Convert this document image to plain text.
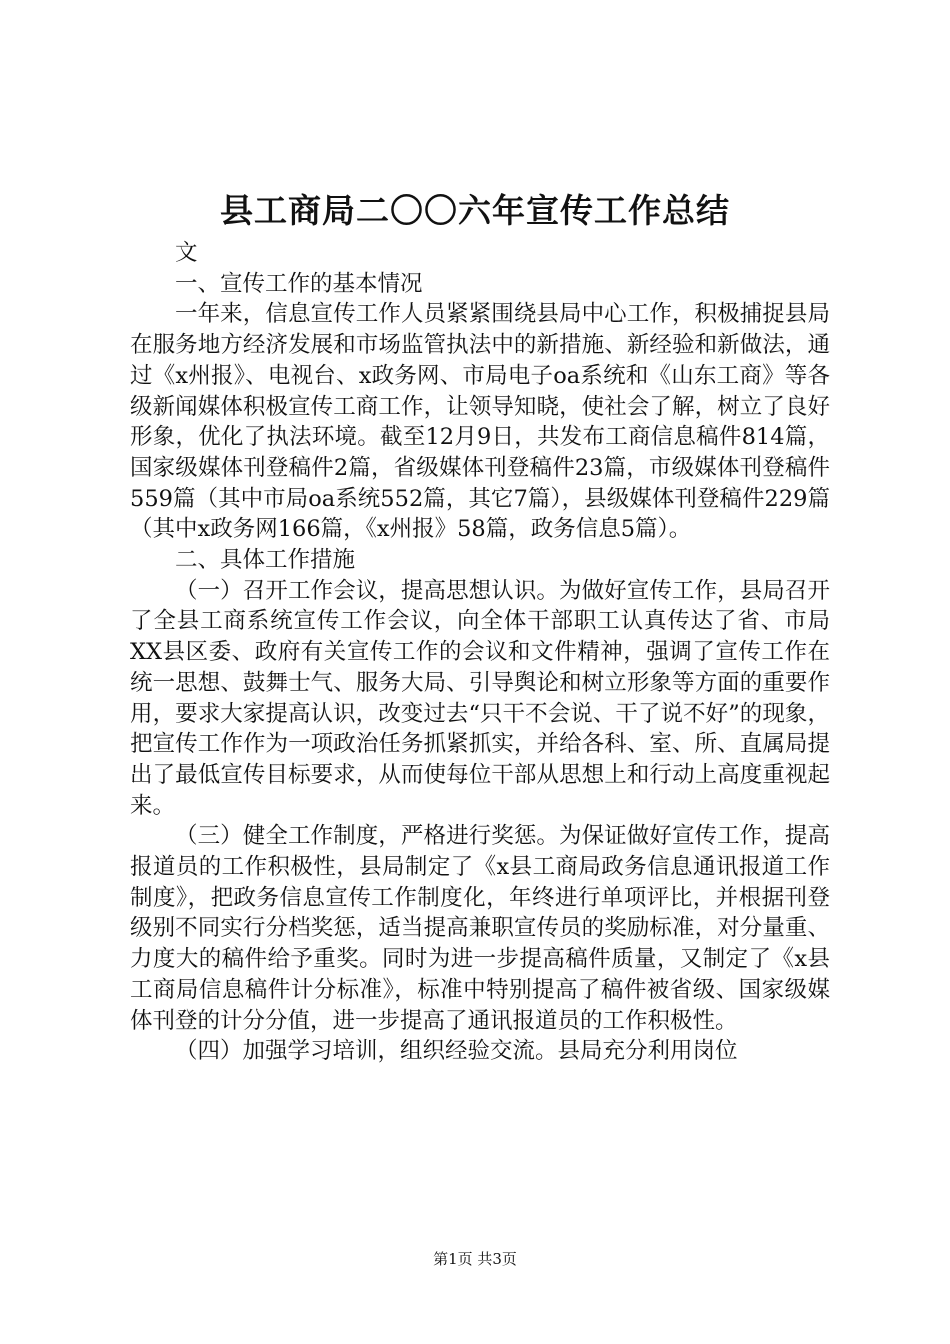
县工商局二〇〇六年宣传工作总结

文

一、宣传工作的基本情况

一年来，信息宣传工作人员紧紧围绕县局中心工作，积极捕捉县局在服务地方经济发展和市场监管执法中的新措施、新经验和新做法，通过《x州报》、电视台、x政务网、市局电子oa系统和《山东工商》等各级新闻媒体积极宣传工商工作，让领导知晓，使社会了解，树立了良好形象，优化了执法环境。截至12月9日，共发布工商信息稿件814篇，国家级媒体刊登稿件2篇，省级媒体刊登稿件23篇，市级媒体刊登稿件559篇（其中市局oa系统552篇，其它7篇），县级媒体刊登稿件229篇（其中x政务网166篇，《x州报》58篇，政务信息5篇）。

二、具体工作措施

（一）召开工作会议，提高思想认识。为做好宣传工作，县局召开了全县工商系统宣传工作会议，向全体干部职工认真传达了省、市局XX县区委、政府有关宣传工作的会议和文件精神，强调了宣传工作在统一思想、鼓舞士气、服务大局、引导舆论和树立形象等方面的重要作用，要求大家提高认识，改变过去“只干不会说、干了说不好”的现象，把宣传工作作为一项政治任务抓紧抓实，并给各科、室、所、直属局提出了最低宣传目标要求，从而使每位干部从思想上和行动上高度重视起来。

（三）健全工作制度，严格进行奖惩。为保证做好宣传工作，提高报道员的工作积极性，县局制定了《x县工商局政务信息通讯报道工作制度》，把政务信息宣传工作制度化，年终进行单项评比，并根据刊登级别不同实行分档奖惩，适当提高兼职宣传员的奖励标准，对分量重、力度大的稿件给予重奖。同时为进一步提高稿件质量，又制定了《x县工商局信息稿件计分标准》，标准中特别提高了稿件被省级、国家级媒体刊登的计分分值，进一步提高了通讯报道员的工作积极性。

（四）加强学习培训，组织经验交流。县局充分利用岗位

第1页 共3页
